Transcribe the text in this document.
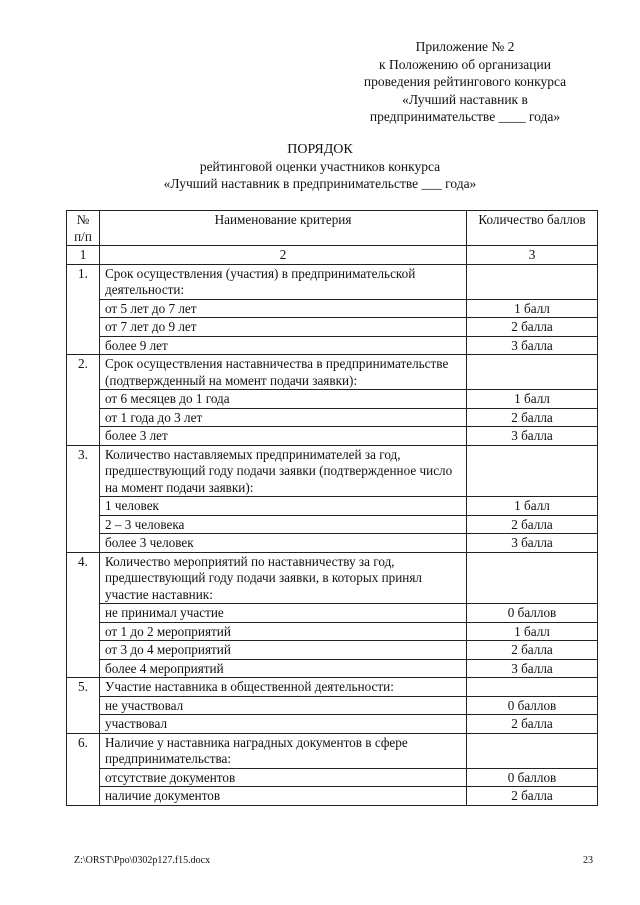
Приложение № 2
к Положению об организации
проведения рейтингового конкурса
«Лучший наставник в
предпринимательстве ____ года»
ПОРЯДОК
рейтинговой оценки участников конкурса
«Лучший наставник в предпринимательстве ___ года»
№ п/п	Наименование критерия	Количество баллов
1	2	3
1.	Срок осуществления (участия) в предпринимательской деятельности:	
	от 5 лет до 7 лет	1 балл
	от 7 лет до 9 лет	2 балла
	более 9 лет	3 балла
2.	Срок осуществления наставничества в предпринимательстве (подтвержденный на момент подачи заявки):	
	от 6 месяцев до 1 года	1 балл
	от 1 года до 3 лет	2 балла
	более 3 лет	3 балла
3.	Количество наставляемых предпринимателей за год, предшествующий году подачи заявки (подтвержденное число на момент подачи заявки):	
	1 человек	1 балл
	2 – 3 человека	2 балла
	более 3 человек	3 балла
4.	Количество мероприятий по наставничеству за год, предшествующий году подачи заявки, в которых принял участие наставник:	
	не принимал участие	0 баллов
	от 1 до 2 мероприятий	1 балл
	от 3 до 4 мероприятий	2 балла
	более 4 мероприятий	3 балла
5.	Участие наставника в общественной деятельности:	
	не участвовал	0 баллов
	участвовал	2 балла
6.	Наличие у наставника наградных документов в сфере предпринимательства:	
	отсутствие документов	0 баллов
	наличие документов	2 балла
Z:\ORST\Ppo\0302p127.f15.docx	23
